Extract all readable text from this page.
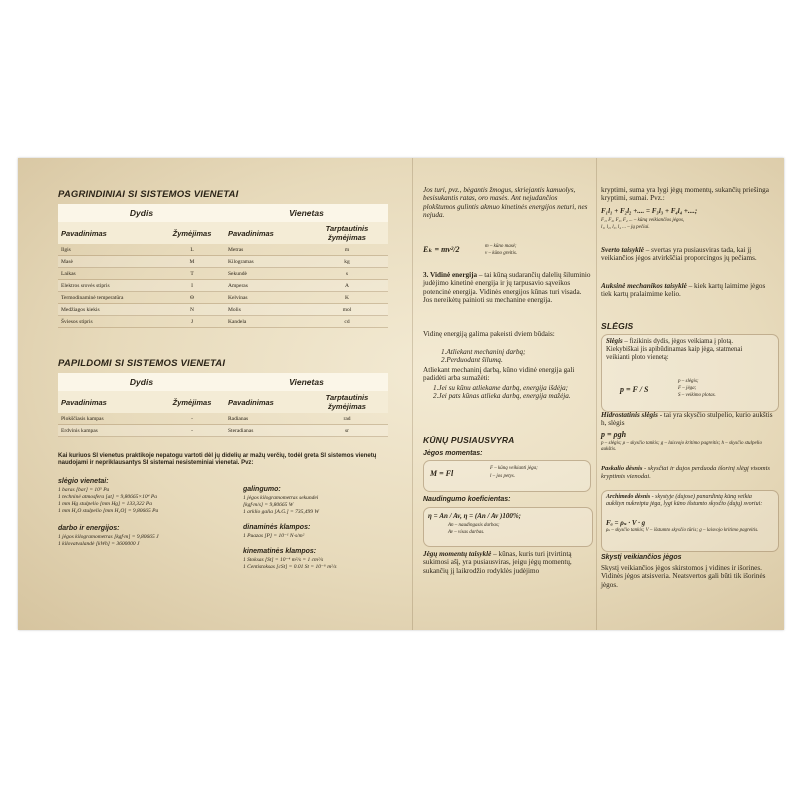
PAGRINDINIAI SI SISTEMOS VIENETAI
Dydis		Vienetas	
Pavadinimas	Žymėjimas	Pavadinimas	Tarptautinis žymėjimas
Ilgis	L	Metras	m
Masė	M	Kilogramas	kg
Laikas	T	Sekundė	s
Elektros srovės stipris	I	Amperas	A
Termodinaminė temperatūra	Θ	Kelvinas	K
Medžiagos kiekis	N	Molis	mol
Šviesos stipris	J	Kandela	cd
PAPILDOMI SI SISTEMOS VIENETAI
Dydis		Vienetas	
Pavadinimas	Žymėjimas	Pavadinimas	Tarptautinis žymėjimas
Plokščiasis kampas	-	Radianas	rad
Erdvinis kampas	-	Steradianas	sr

Kai kuriuos SI vienetus praktikoje nepatogu vartoti dėl jų didelių ar mažų verčių, todėl greta SI sistemos vienetų naudojami ir nepriklausantys SI sistemai nesisteminiai vienetai. Pvz:

slėgio vienetai:
1 baras [bar] = 10⁵ Pa
1 techninė atmosfera [at] = 9,80665×10⁴ Pa
1 mm Hg stulpelio [mm Hg] = 133,322 Pa
1 mm H₂O stulpelio [mm H₂O] = 9,80665 Pa
darbo ir energijos:
1 jėgos kilogramometras [kgf·m] = 9,80665 J
1 kilovatvalandė [kWh] = 3600000 J
galingumo:
1 jėgos kilogramometras sekundei
[kgf·m/s] = 9,80665 W
1 arklio galia [A.G.] = 735,499 W
dinaminės klampos:
1 Puazas [P] = 10⁻¹ N·s/m²
kinematinės klampos:
1 Stoksas [St] = 10⁻⁴ m²/s = 1 cm²/s
1 Centistoksas [cSt] = 0.01 St = 10⁻⁶ m²/s

Jos turi, pvz., bėgantis žmogus, skriejantis kamuolys, besisukantis ratas, oro masės. Ant nejudančios plokštumos gulintis akmuo kinetinės energijos neturi, nes nejuda.

Eₖ = mv²/2	m – kūno masė;
v – kūno greitis.

3. Vidinė energija – tai kūną sudarančių dalelių šiluminio judėjimo kinetinė energija ir jų tarpusavio sąveikos potencinė energija. Vidinės energijos kūnas turi visada. Jos nereikėtų painioti su mechanine energija.

Vidinę energiją galima pakeisti dviem būdais:

1.Atliekant mechaninį darbą;
2.Perduodant šilumą.

Atliekant mechaninį darbą, kūno vidinė energija gali padidėti arba sumažėti:

1.Jei su kūnu atliekame darbą, energija išdėja;
2.Jei pats kūnas atlieka darbą, energija mažėja.
KŪNŲ PUSIAUSVYRA

Jėgos momentas:

M = Fl
F – kūną veikianti jėga;
l – jos petys.

Naudingumo koeficientas:

η = An / Av, η = (An / Av )100%;
An – naudingasis darbas;
Av – visas darbas.

Jėgų momentų taisyklė – kūnas, kuris turi įtvirtintą sukimosi ašį, yra pusiausviras, jeigu jėgų momentų, sukančių jį laikrodžio rodyklės judėjimo

kryptimi, suma yra lygi jėgų momentų, sukančių priešinga kryptimi, sumai. Pvz.:

F₁l₁ + F₂l₂ +.... = F₃l₃ + F₄l₄ +....;
F₁, F₂, F₃, F₄ ... – kūną veikiančios jėgos,
l₁, l₂, l₃, l₄ ... – jų pečiai.

Sverto taisyklė – svertas yra pusiausviras tada, kai jį veikiančios jėgos atvirkščiai proporcingos jų pečiams.

Auksinė mechanikos taisyklė – kiek kartų laimime jėgos tiek kartų pralaimime kelio.

SLĖGIS

Slėgis – fizikinis dydis, jėgos veikiama į plotą. Kiekybiškai jis apibūdinamas kaip jėga, statmenai veikianti ploto vienetą:

p = F / S
p – slėgis;
F – jėga;
S – veikimo plotas.

Hidrostatinis slėgis - tai yra skysčio stulpelio, kurio aukštis h, slėgis

p = ρgh
p – slėgis; ρ – skysčio tankis; g – laisvojo kritimo pagreitis; h – skysčio stulpelio aukštis.

Paskalio dėsnis - skysčiai ir dujos perduoda išorinį slėgį visomis kryptimis vienodai.

Archimedo dėsnis - skystyje (dujose) panardintą kūną veikia aukštyn nukreipta jėga, lygi kūno išstumto skysčio (dujų) svoriui:

Fₐ = ρₛ · V · g
ρₛ – skysčio tankis; V – išstumto skysčio tūris; g – laisvojo kritimo pagreitis.

Skystį veikiančios jėgos

Skystį veikiančios jėgos skirstomos į vidines ir išorines. Vidinės jėgos atsisveria. Neatsvertos gali būti tik išorinės jėgos.
